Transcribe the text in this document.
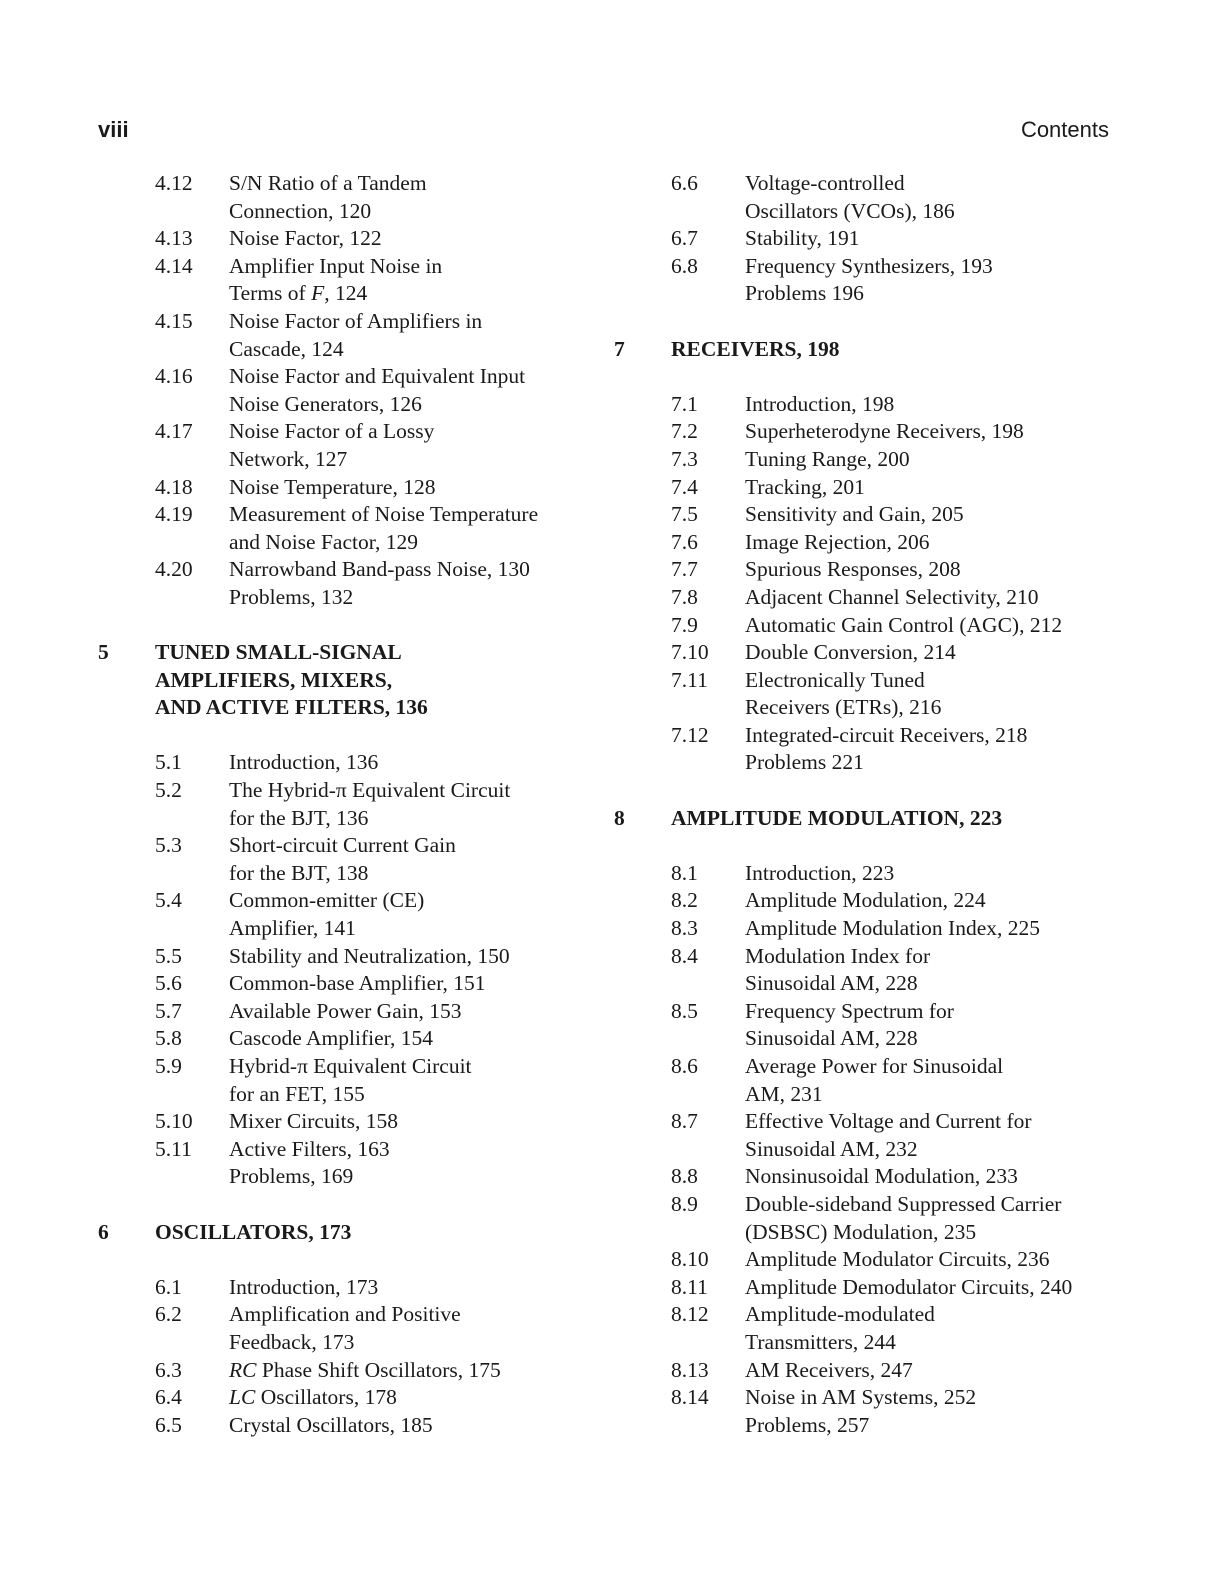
viii	Contents
4.12	S/N Ratio of a Tandem
Connection, 120
4.13	Noise Factor, 122
4.14	Amplifier Input Noise in
Terms of F, 124
4.15	Noise Factor of Amplifiers in
Cascade, 124
4.16	Noise Factor and Equivalent Input
Noise Generators, 126
4.17	Noise Factor of a Lossy
Network, 127
4.18	Noise Temperature, 128
4.19	Measurement of Noise Temperature
and Noise Factor, 129
4.20	Narrowband Band-pass Noise, 130
Problems, 132
5	TUNED SMALL-SIGNAL
AMPLIFIERS, MIXERS,
AND ACTIVE FILTERS, 136
5.1	Introduction, 136
5.2	The Hybrid-π Equivalent Circuit
for the BJT, 136
5.3	Short-circuit Current Gain
for the BJT, 138
5.4	Common-emitter (CE)
Amplifier, 141
5.5	Stability and Neutralization, 150
5.6	Common-base Amplifier, 151
5.7	Available Power Gain, 153
5.8	Cascode Amplifier, 154
5.9	Hybrid-π Equivalent Circuit
for an FET, 155
5.10	Mixer Circuits, 158
5.11	Active Filters, 163
Problems, 169
6	OSCILLATORS, 173
6.1	Introduction, 173
6.2	Amplification and Positive
Feedback, 173
6.3	RC Phase Shift Oscillators, 175
6.4	LC Oscillators, 178
6.5	Crystal Oscillators, 185
6.6	Voltage-controlled
Oscillators (VCOs), 186
6.7	Stability, 191
6.8	Frequency Synthesizers, 193
Problems 196
7	RECEIVERS, 198
7.1	Introduction, 198
7.2	Superheterodyne Receivers, 198
7.3	Tuning Range, 200
7.4	Tracking, 201
7.5	Sensitivity and Gain, 205
7.6	Image Rejection, 206
7.7	Spurious Responses, 208
7.8	Adjacent Channel Selectivity, 210
7.9	Automatic Gain Control (AGC), 212
7.10	Double Conversion, 214
7.11	Electronically Tuned
Receivers (ETRs), 216
7.12	Integrated-circuit Receivers, 218
Problems 221
8	AMPLITUDE MODULATION, 223
8.1	Introduction, 223
8.2	Amplitude Modulation, 224
8.3	Amplitude Modulation Index, 225
8.4	Modulation Index for
Sinusoidal AM, 228
8.5	Frequency Spectrum for
Sinusoidal AM, 228
8.6	Average Power for Sinusoidal
AM, 231
8.7	Effective Voltage and Current for
Sinusoidal AM, 232
8.8	Nonsinusoidal Modulation, 233
8.9	Double-sideband Suppressed Carrier
(DSBSC) Modulation, 235
8.10	Amplitude Modulator Circuits, 236
8.11	Amplitude Demodulator Circuits, 240
8.12	Amplitude-modulated
Transmitters, 244
8.13	AM Receivers, 247
8.14	Noise in AM Systems, 252
Problems, 257
